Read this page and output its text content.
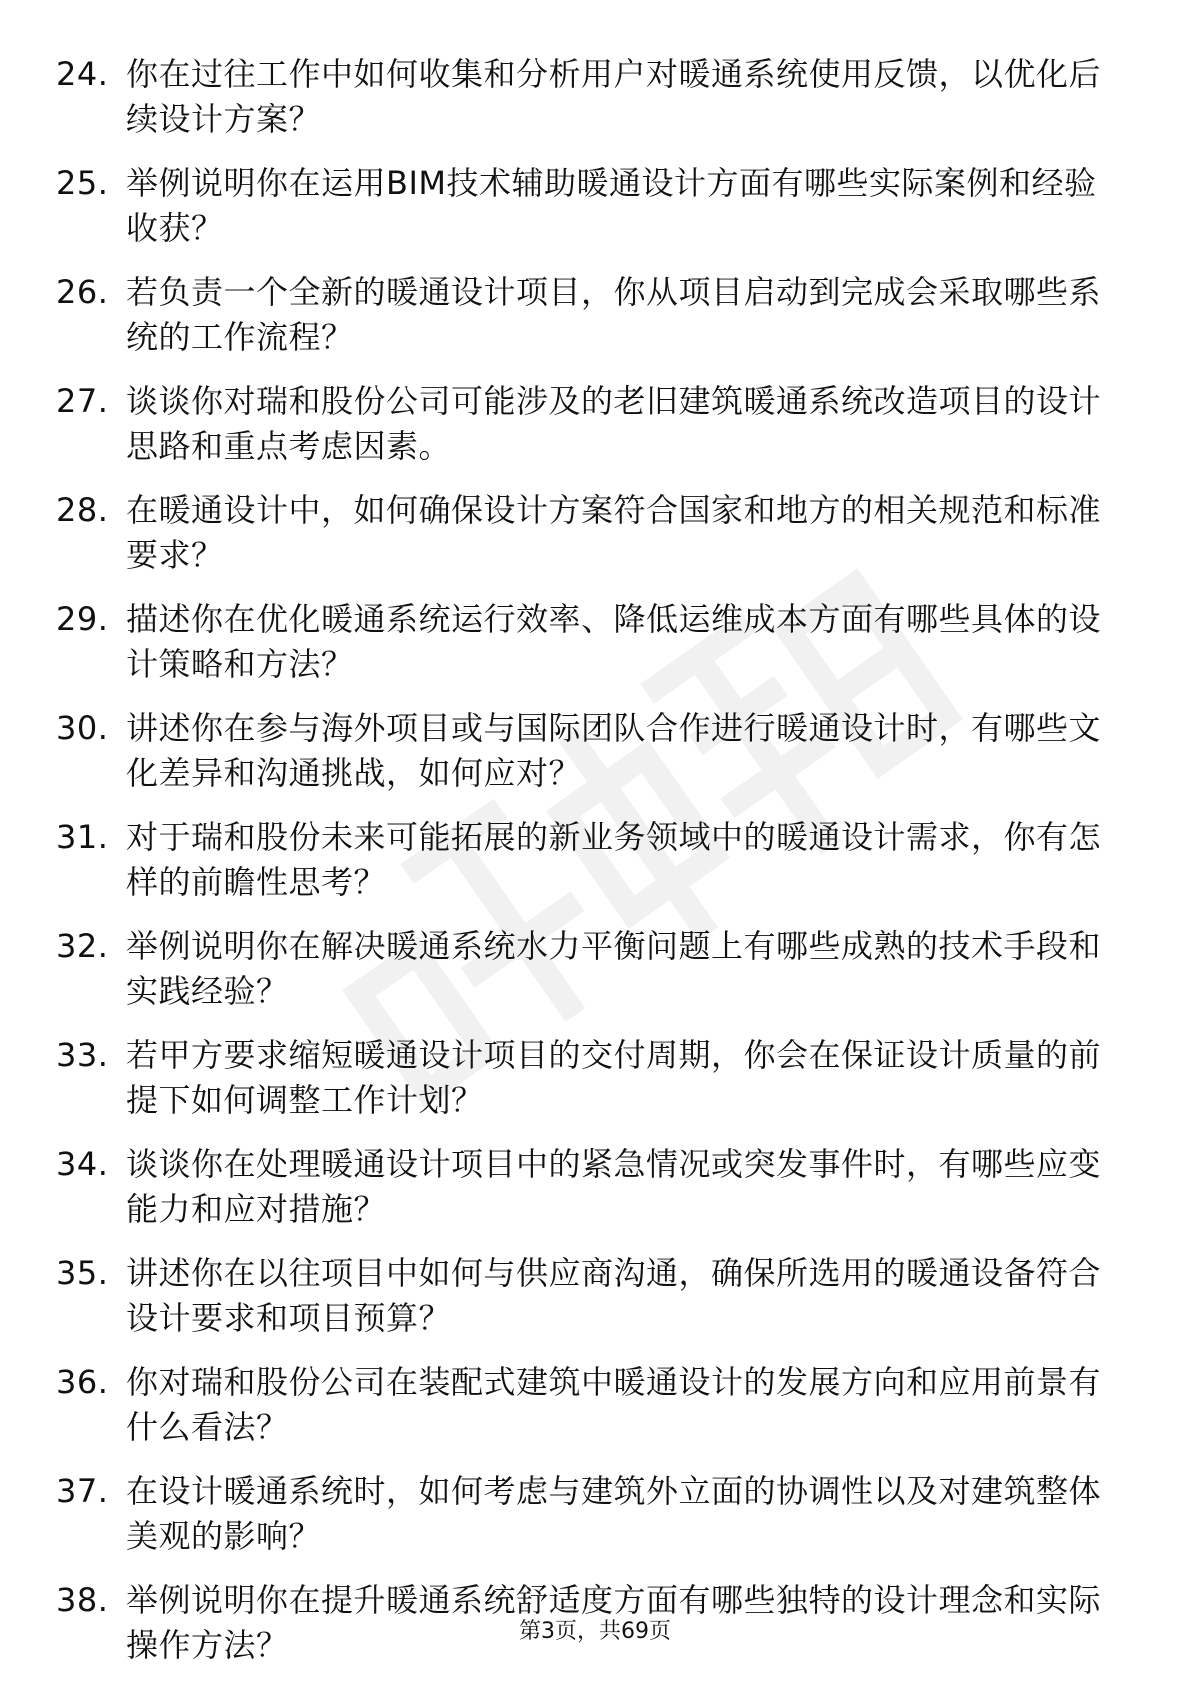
24. 你在过往工作中如何收集和分析用户对暖通系统使用反馈，以优化后续设计方案？
25. 举例说明你在运用BIM技术辅助暖通设计方面有哪些实际案例和经验收获？
26. 若负责一个全新的暖通设计项目，你从项目启动到完成会采取哪些系统的工作流程？
27. 谈谈你对瑞和股份公司可能涉及的老旧建筑暖通系统改造项目的设计思路和重点考虑因素。
28. 在暖通设计中，如何确保设计方案符合国家和地方的相关规范和标准要求？
29. 描述你在优化暖通系统运行效率、降低运维成本方面有哪些具体的设计策略和方法？
30. 讲述你在参与海外项目或与国际团队合作进行暖通设计时，有哪些文化差异和沟通挑战，如何应对？
31. 对于瑞和股份未来可能拓展的新业务领域中的暖通设计需求，你有怎样的前瞻性思考？
32. 举例说明你在解决暖通系统水力平衡问题上有哪些成熟的技术手段和实践经验？
33. 若甲方要求缩短暖通设计项目的交付周期，你会在保证设计质量的前提下如何调整工作计划？
34. 谈谈你在处理暖通设计项目中的紧急情况或突发事件时，有哪些应变能力和应对措施？
35. 讲述你在以往项目中如何与供应商沟通，确保所选用的暖通设备符合设计要求和项目预算？
36. 你对瑞和股份公司在装配式建筑中暖通设计的发展方向和应用前景有什么看法？
37. 在设计暖通系统时，如何考虑与建筑外立面的协调性以及对建筑整体美观的影响？
38. 举例说明你在提升暖通系统舒适度方面有哪些独特的设计理念和实际操作方法？	第3页，共69页
